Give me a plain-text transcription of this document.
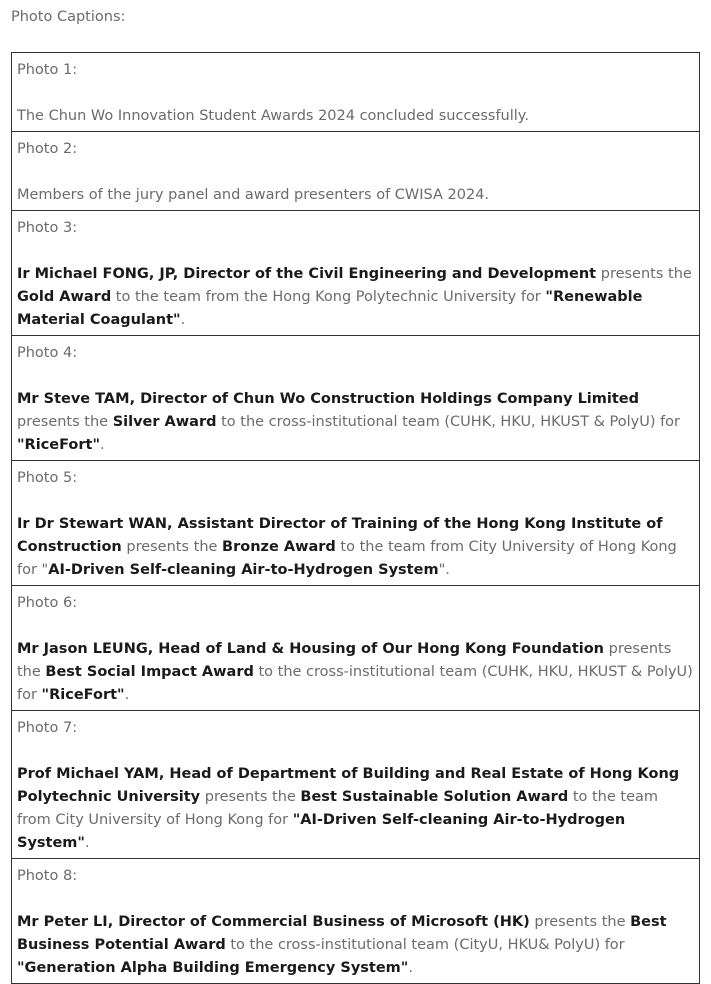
Photo Captions:
Photo 1:
The Chun Wo Innovation Student Awards 2024 concluded successfully.

Photo 2:
Members of the jury panel and award presenters of CWISA 2024.

Photo 3:
Ir Michael FONG, JP, Director of the Civil Engineering and Development presents the Gold Award to the team from the Hong Kong Polytechnic University for "Renewable Material Coagulant".

Photo 4:
Mr Steve TAM, Director of Chun Wo Construction Holdings Company Limited presents the Silver Award to the cross-institutional team (CUHK, HKU, HKUST & PolyU) for "RiceFort".

Photo 5:
Ir Dr Stewart WAN, Assistant Director of Training of the Hong Kong Institute of Construction presents the Bronze Award to the team from City University of Hong Kong for "AI-Driven Self-cleaning Air-to-Hydrogen System".

Photo 6:
Mr Jason LEUNG, Head of Land & Housing of Our Hong Kong Foundation presents the Best Social Impact Award to the cross-institutional team (CUHK, HKU, HKUST & PolyU) for "RiceFort".

Photo 7:
Prof Michael YAM, Head of Department of Building and Real Estate of Hong Kong Polytechnic University presents the Best Sustainable Solution Award to the team from City University of Hong Kong for "AI-Driven Self-cleaning Air-to-Hydrogen System".

Photo 8:
Mr Peter LI, Director of Commercial Business of Microsoft (HK) presents the Best Business Potential Award to the cross-institutional team (CityU, HKU& PolyU) for "Generation Alpha Building Emergency System".
